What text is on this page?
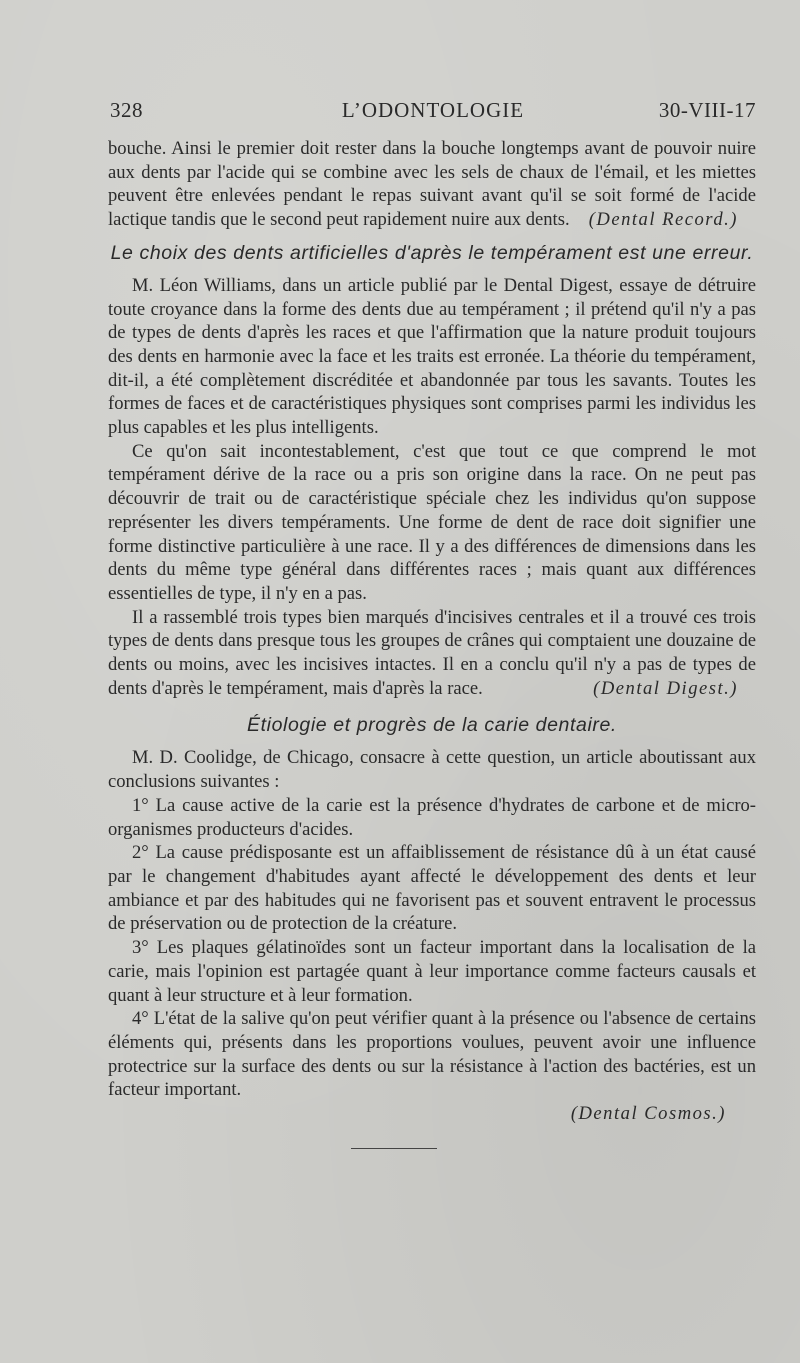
328	L’ODONTOLOGIE	30-VIII-17

bouche. Ainsi le premier doit rester dans la bouche longtemps avant de pouvoir nuire aux dents par l'acide qui se combine avec les sels de chaux de l'émail, et les miettes peuvent être enlevées pendant le repas suivant avant qu'il se soit formé de l'acide lactique tandis que le second peut rapidement nuire aux dents. (Dental Record.)

Le choix des dents artificielles d'après le tempérament est une erreur.

M. Léon Williams, dans un article publié par le Dental Digest, essaye de détruire toute croyance dans la forme des dents due au tempérament ; il prétend qu'il n'y a pas de types de dents d'après les races et que l'affirmation que la nature produit toujours des dents en harmonie avec la face et les traits est erronée. La théorie du tempérament, dit-il, a été complètement discréditée et abandonnée par tous les savants. Toutes les formes de faces et de caractéristiques physiques sont comprises parmi les individus les plus capables et les plus intelligents.

Ce qu'on sait incontestablement, c'est que tout ce que comprend le mot tempérament dérive de la race ou a pris son origine dans la race. On ne peut pas découvrir de trait ou de caractéristique spéciale chez les individus qu'on suppose représenter les divers tempéraments. Une forme de dent de race doit signifier une forme distinctive particulière à une race. Il y a des différences de dimensions dans les dents du même type général dans différentes races ; mais quant aux différences essentielles de type, il n'y en a pas.

Il a rassemblé trois types bien marqués d'incisives centrales et il a trouvé ces trois types de dents dans presque tous les groupes de crânes qui comptaient une douzaine de dents ou moins, avec les incisives intactes. Il en a conclu qu'il n'y a pas de types de dents d'après le tempérament, mais d'après la race.	(Dental Digest.)

Étiologie et progrès de la carie dentaire.

M. D. Coolidge, de Chicago, consacre à cette question, un article aboutissant aux conclusions suivantes :

1° La cause active de la carie est la présence d'hydrates de carbone et de micro-organismes producteurs d'acides.

2° La cause prédisposante est un affaiblissement de résistance dû à un état causé par le changement d'habitudes ayant affecté le développement des dents et leur ambiance et par des habitudes qui ne favorisent pas et souvent entravent le processus de préservation ou de protection de la créature.

3° Les plaques gélatinoïdes sont un facteur important dans la localisation de la carie, mais l'opinion est partagée quant à leur importance comme facteurs causals et quant à leur structure et à leur formation.

4° L'état de la salive qu'on peut vérifier quant à la présence ou l'absence de certains éléments qui, présents dans les proportions voulues, peuvent avoir une influence protectrice sur la surface des dents ou sur la résistance à l'action des bactéries, est un facteur important.

(Dental Cosmos.)
